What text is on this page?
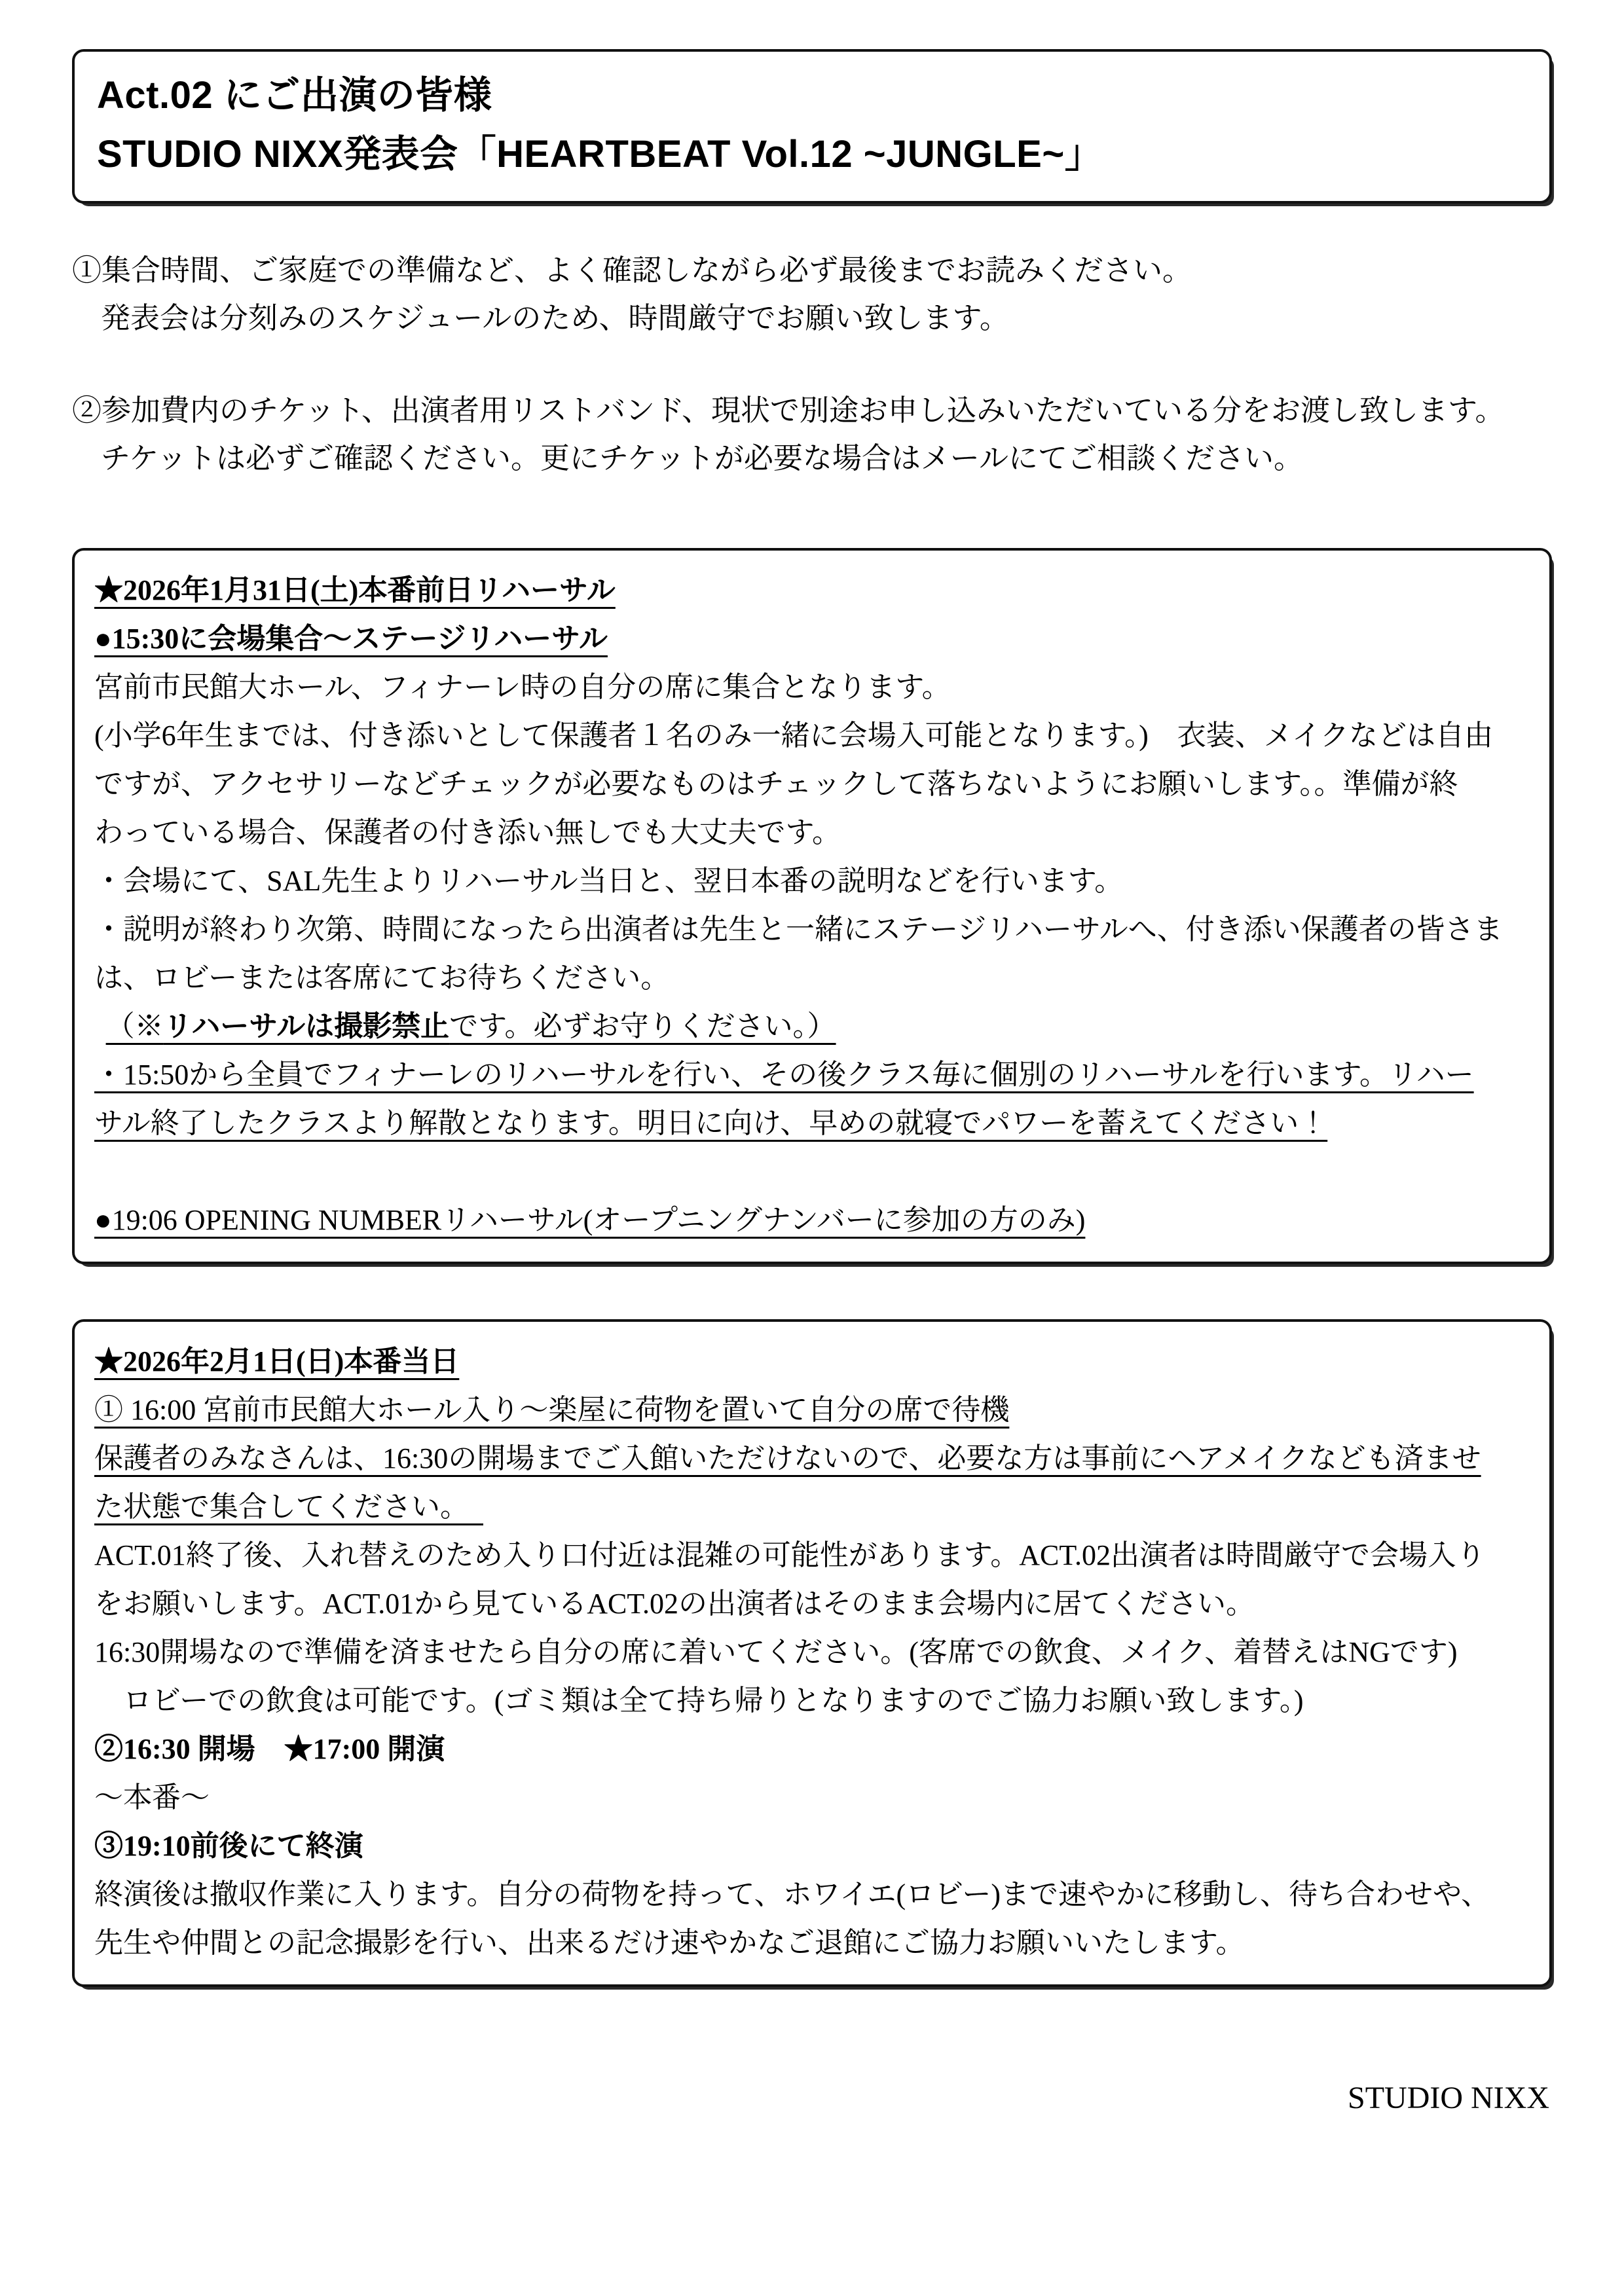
Act.02 にご出演の皆様
STUDIO NIXX発表会「HEARTBEAT Vol.12 ~JUNGLE~」
①集合時間、ご家庭での準備など、よく確認しながら必ず最後までお読みください。
発表会は分刻みのスケジュールのため、時間厳守でお願い致します。
②参加費内のチケット、出演者用リストバンド、現状で別途お申し込みいただいている分をお渡し致します。
チケットは必ずご確認ください。更にチケットが必要な場合はメールにてご相談ください。
★2026年1月31日(土)本番前日リハーサル
●15:30に会場集合～ステージリハーサル
宮前市民館大ホール、フィナーレ時の自分の席に集合となります。
(小学6年生までは、付き添いとして保護者１名のみ一緒に会場入可能となります。)　衣装、メイクなどは自由
ですが、アクセサリーなどチェックが必要なものはチェックして落ちないようにお願いします。。準備が終
わっている場合、保護者の付き添い無しでも大丈夫です。
・会場にて、SAL先生よりリハーサル当日と、翌日本番の説明などを行います。
・説明が終わり次第、時間になったら出演者は先生と一緒にステージリハーサルへ、付き添い保護者の皆さま
は、ロビーまたは客席にてお待ちください。
（※リハーサルは撮影禁止です。必ずお守りください。）
・15:50から全員でフィナーレのリハーサルを行い、その後クラス毎に個別のリハーサルを行います。リハー
サル終了したクラスより解散となります。明日に向け、早めの就寝でパワーを蓄えてください！

●19:06 OPENING NUMBERリハーサル(オープニングナンバーに参加の方のみ)
★2026年2月1日(日)本番当日
① 16:00 宮前市民館大ホール入り～楽屋に荷物を置いて自分の席で待機
保護者のみなさんは、16:30の開場までご入館いただけないので、必要な方は事前にヘアメイクなども済ませ
た状態で集合してください。　
ACT.01終了後、入れ替えのため入り口付近は混雑の可能性があります。ACT.02出演者は時間厳守で会場入り
をお願いします。ACT.01から見ているACT.02の出演者はそのまま会場内に居てください。
16:30開場なので準備を済ませたら自分の席に着いてください。(客席での飲食、メイク、着替えはNGです)
ロビーでの飲食は可能です。(ゴミ類は全て持ち帰りとなりますのでご協力お願い致します。)
②16:30 開場　★17:00 開演
～本番～
③19:10前後にて終演
終演後は撤収作業に入ります。自分の荷物を持って、ホワイエ(ロビー)まで速やかに移動し、待ち合わせや、
先生や仲間との記念撮影を行い、出来るだけ速やかなご退館にご協力お願いいたします。
STUDIO NIXX
